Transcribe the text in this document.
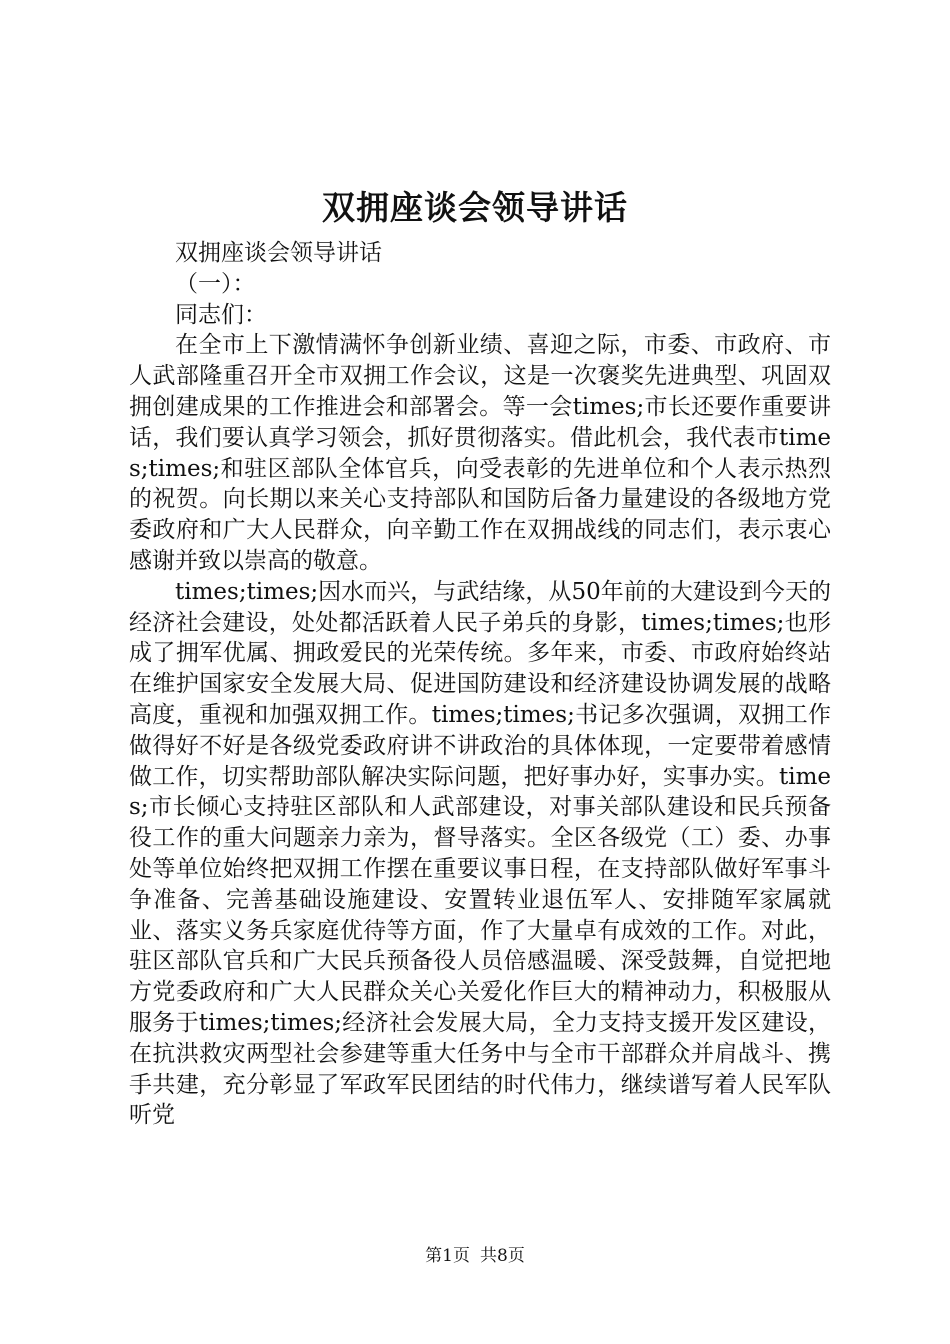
双拥座谈会领导讲话

双拥座谈会领导讲话

（一）：

同志们：

在全市上下激情满怀争创新业绩、喜迎之际，市委、市政府、市人武部隆重召开全市双拥工作会议，这是一次褒奖先进典型、巩固双拥创建成果的工作推进会和部署会。等一会times;市长还要作重要讲话，我们要认真学习领会，抓好贯彻落实。借此机会，我代表市times;times;和驻区部队全体官兵，向受表彰的先进单位和个人表示热烈的祝贺。向长期以来关心支持部队和国防后备力量建设的各级地方党委政府和广大人民群众，向辛勤工作在双拥战线的同志们，表示衷心感谢并致以崇高的敬意。

times;times;因水而兴，与武结缘，从50年前的大建设到今天的经济社会建设，处处都活跃着人民子弟兵的身影，times;times;也形成了拥军优属、拥政爱民的光荣传统。多年来，市委、市政府始终站在维护国家安全发展大局、促进国防建设和经济建设协调发展的战略高度，重视和加强双拥工作。times;times;书记多次强调，双拥工作做得好不好是各级党委政府讲不讲政治的具体体现，一定要带着感情做工作，切实帮助部队解决实际问题，把好事办好，实事办实。times;市长倾心支持驻区部队和人武部建设，对事关部队建设和民兵预备役工作的重大问题亲力亲为，督导落实。全区各级党（工）委、办事处等单位始终把双拥工作摆在重要议事日程，在支持部队做好军事斗争准备、完善基础设施建设、安置转业退伍军人、安排随军家属就业、落实义务兵家庭优待等方面，作了大量卓有成效的工作。对此，驻区部队官兵和广大民兵预备役人员倍感温暖、深受鼓舞，自觉把地方党委政府和广大人民群众关心关爱化作巨大的精神动力，积极服从服务于times;times;经济社会发展大局，全力支持支援开发区建设，在抗洪救灾两型社会参建等重大任务中与全市干部群众并肩战斗、携手共建，充分彰显了军政军民团结的时代伟力，继续谱写着人民军队听党

第1页 共8页
